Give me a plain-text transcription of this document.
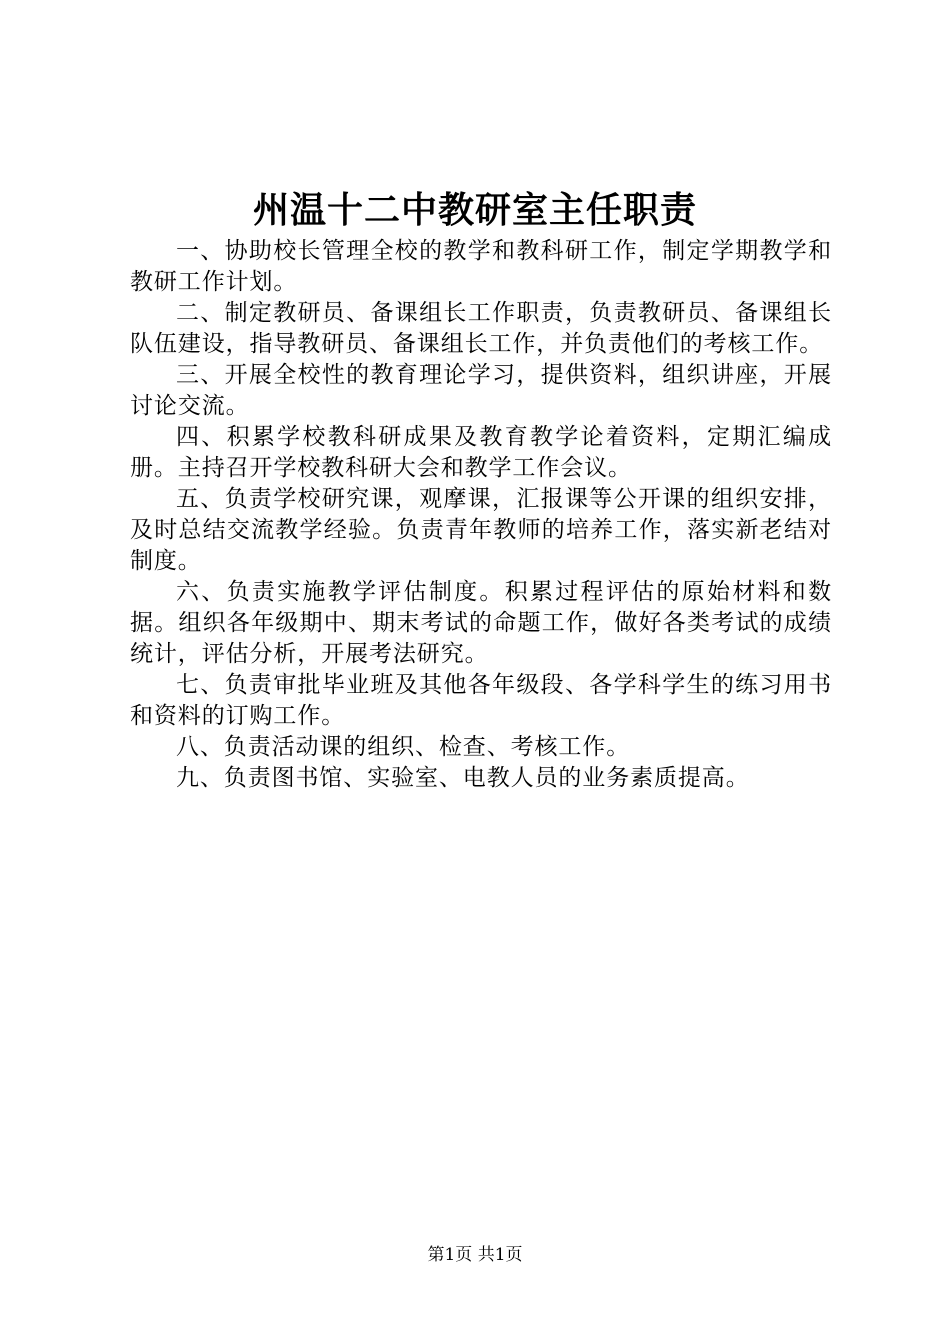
州温十二中教研室主任职责

一、协助校长管理全校的教学和教科研工作，制定学期教学和教研工作计划。

二、制定教研员、备课组长工作职责，负责教研员、备课组长队伍建设，指导教研员、备课组长工作，并负责他们的考核工作。

三、开展全校性的教育理论学习，提供资料，组织讲座，开展讨论交流。

四、积累学校教科研成果及教育教学论着资料，定期汇编成册。主持召开学校教科研大会和教学工作会议。

五、负责学校研究课，观摩课，汇报课等公开课的组织安排，及时总结交流教学经验。负责青年教师的培养工作，落实新老结对制度。

六、负责实施教学评估制度。积累过程评估的原始材料和数据。组织各年级期中、期末考试的命题工作，做好各类考试的成绩统计，评估分析，开展考法研究。

七、负责审批毕业班及其他各年级段、各学科学生的练习用书和资料的订购工作。

八、负责活动课的组织、检查、考核工作。

九、负责图书馆、实验室、电教人员的业务素质提高。

第1页 共1页
